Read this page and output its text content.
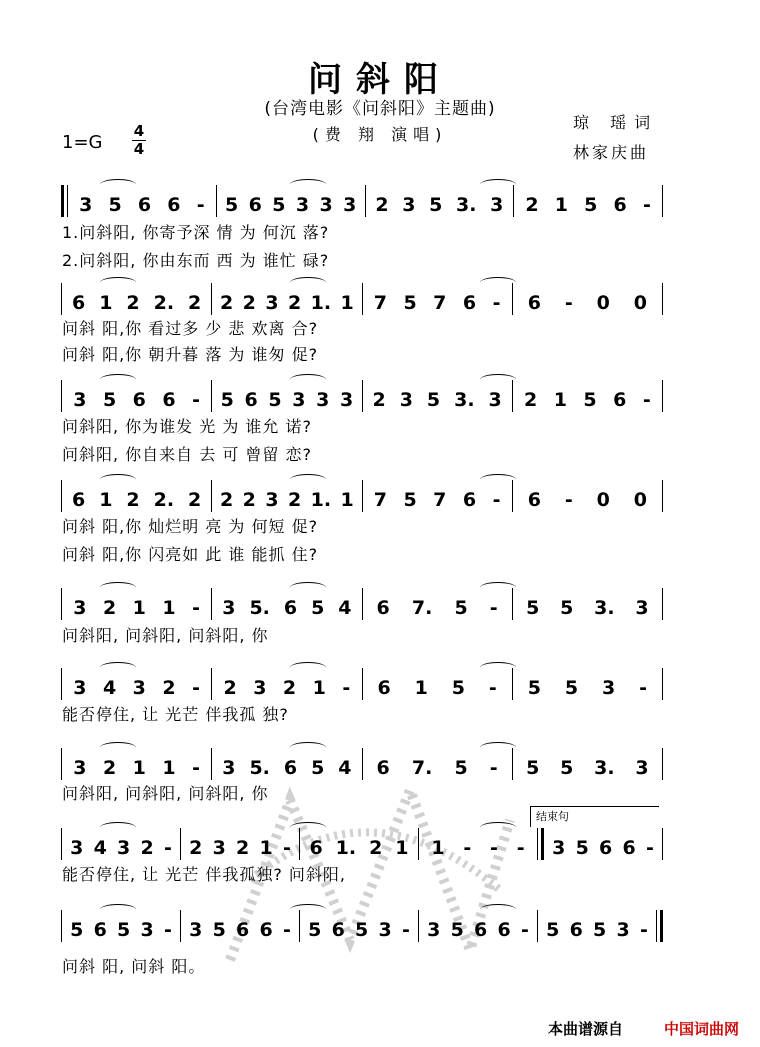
问斜阳
(台湾电影《问斜阳》主题曲)
(费 翔 演唱)
琼 瑶词
林家庆曲
1=G
4
4
3 5 6 6 - 5 6 5 3 3 3 2 3 5 3. 3 2 1 5 6 -
1.问斜阳, 你寄予深 情 为 何沉 落?
2.问斜阳, 你由东而 西 为 谁忙 碌?
6 1 2 2. 2 2 2 3 2 1. 1 7 5 7 6 - 6 - 0 0
问斜 阳,你 看过多 少 悲 欢离 合?
问斜 阳,你 朝升暮 落 为 谁匆 促?
3 5 6 6 - 5 6 5 3 3 3 2 3 5 3. 3 2 1 5 6 -
问斜阳, 你为谁发 光 为 谁允 诺?
问斜阳, 你自来自 去 可 曾留 恋?
6 1 2 2. 2 2 2 3 2 1. 1 7 5 7 6 - 6 - 0 0
问斜 阳,你 灿烂明 亮 为 何短 促?
问斜 阳,你 闪亮如 此 谁 能抓 住?
3 2 1 1 - 3 5. 6 5 4 6 7. 5 - 5 5 3. 3
问斜阳, 问斜阳, 问斜阳, 你
3 4 3 2 - 2 3 2 1 - 6 1 5 - 5 5 3 -
能否停住, 让 光芒 伴我孤 独?
3 2 1 1 - 3 5. 6 5 4 6 7. 5 - 5 5 3. 3
问斜阳, 问斜阳, 问斜阳, 你
3 4 3 2 - 2 3 2 1 - 6 1. 2 1 1 - - - 3 5 6 6 -
能否停住, 让 光芒 伴我孤独? 问斜阳,
5 6 5 3 - 3 5 6 6 - 5 6 5 3 - 3 5 6 6 - 5 6 5 3 -
问斜 阳, 问斜 阳。
结束句
本曲谱源自	中国词曲网
